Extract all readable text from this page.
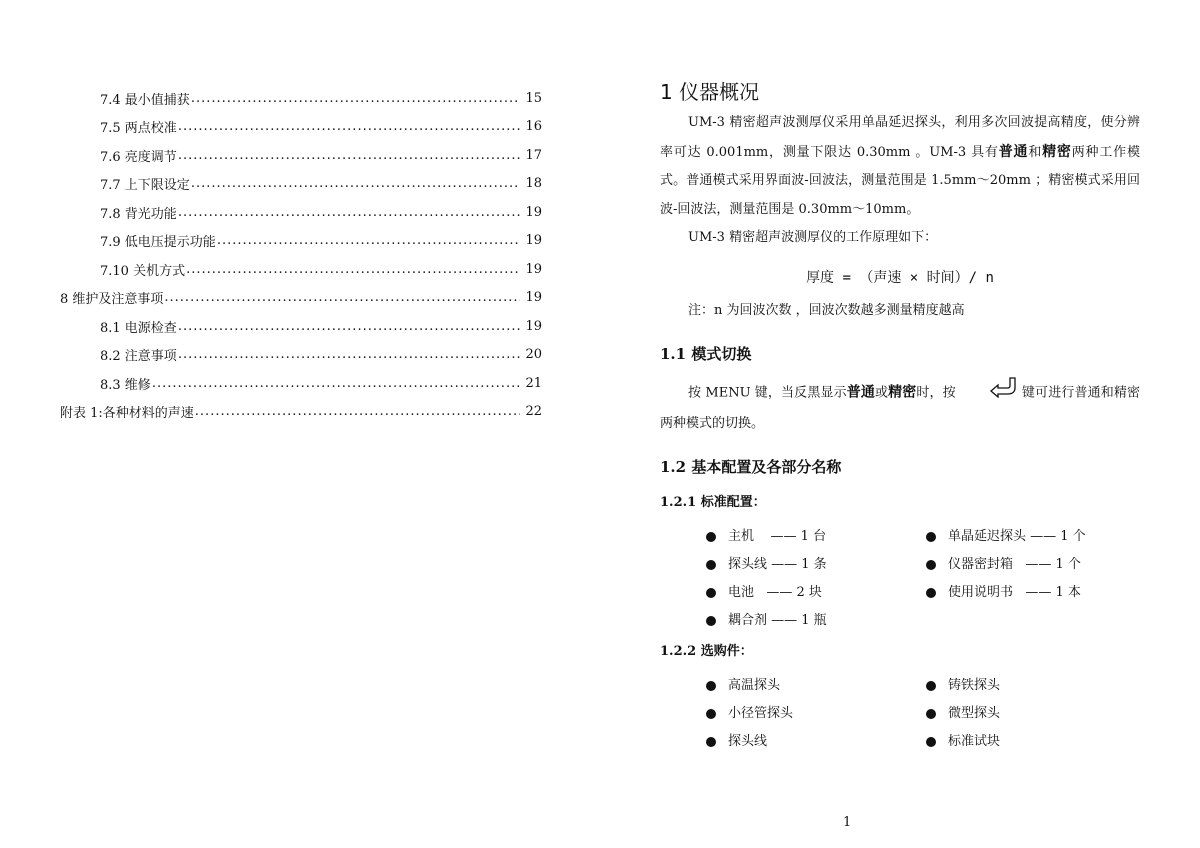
7.4 最小值捕获 .....	15
7.5 两点校准 .....	16
7.6 亮度调节 .....	17
7.7 上下限设定 .....	18
7.8 背光功能 .....	19
7.9 低电压提示功能 .....	19
7.10 关机方式 .....	19
8 维护及注意事项 .....	19
8.1 电源检查 .....	19
8.2 注意事项 .....	20
8.3 维修 .....	21
附表 1:各种材料的声速 .....	22
1 仪器概况

UM-3 精密超声波测厚仪采用单晶延迟探头，利用多次回波提高精度，使分辨率可达 0.001mm，测量下限达 0.30mm 。UM-3 具有普通和精密两种工作模式。普通模式采用界面波-回波法，测量范围是 1.5mm～20mm ；精密模式采用回波-回波法，测量范围是 0.30mm～10mm。

UM-3 精密超声波测厚仪的工作原理如下：

厚度 = （声速 × 时间）/ n

注：n 为回波次数 ，回波次数越多测量精度越高

1.1 模式切换

按 MENU 键，当反黑显示普通或精密时，按	键可进行普通和精密两种模式的切换。

1.2 基本配置及各部分名称
1.2.1 标准配置：
主机    —— 1 台	单晶延迟探头 —— 1 个
探头线 —— 1 条	仪器密封箱   —— 1 个
电池   —— 2 块	使用说明书   —— 1 本
耦合剂 —— 1 瓶
1.2.2 选购件：
高温探头	铸铁探头
小径管探头	微型探头
探头线	标准试块
1
